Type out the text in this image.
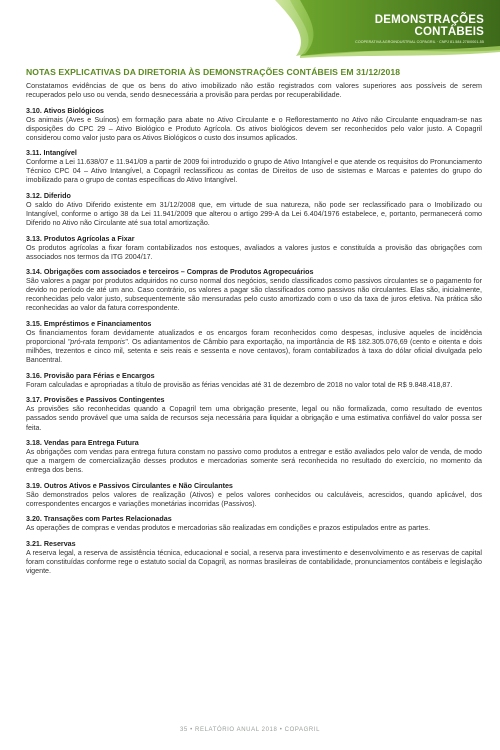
DEMONSTRAÇÕES
CONTÁBEIS
COOPERATIVA AGROINDUSTRIAL COPAGRIL · CNPJ 81.584.278/0001-55
NOTAS EXPLICATIVAS DA DIRETORIA ÀS DEMONSTRAÇÕES CONTÁBEIS EM 31/12/2018

Constatamos evidências de que os bens do ativo imobilizado não estão registrados com valores superiores aos possíveis de serem recuperados pelo uso ou venda, sendo desnecessária a provisão para perdas por recuperabilidade.

3.10. Ativos Biológicos

Os animais (Aves e Suínos) em formação para abate no Ativo Circulante e o Reflorestamento no Ativo não Circulante enquadram-se nas disposições do CPC 29 – Ativo Biológico e Produto Agrícola. Os ativos biológicos devem ser reconhecidos pelo valor justo. A Copagril considerou como valor justo para os Ativos Biológicos o custo dos insumos aplicados.

3.11. Intangível

Conforme a Lei 11.638/07 e 11.941/09 a partir de 2009 foi introduzido o grupo de Ativo Intangível e que atende os requisitos do Pronunciamento Técnico CPC 04 – Ativo Intangível, a Copagril reclassificou as contas de Direitos de uso de sistemas e Marcas e patentes do grupo do imobilizado para o grupo de contas específicas do Ativo Intangível.

3.12. Diferido

O saldo do Ativo Diferido existente em 31/12/2008 que, em virtude de sua natureza, não pode ser reclassificado para o Imobilizado ou Intangível, conforme o artigo 38 da Lei 11.941/2009 que alterou o artigo 299-A da Lei 6.404/1976 estabelece, e, portanto, permanecerá como Diferido no Ativo não Circulante até sua total amortização.

3.13. Produtos Agrícolas a Fixar

Os produtos agrícolas a fixar foram contabilizados nos estoques, avaliados a valores justos e constituída a provisão das obrigações com associados nos termos da ITG 2004/17.

3.14. Obrigações com associados e terceiros – Compras de Produtos Agropecuários

São valores a pagar por produtos adquiridos no curso normal dos negócios, sendo classificados como passivos circulantes se o pagamento for devido no período de até um ano. Caso contrário, os valores a pagar são classificados como passivos não circulantes. Elas são, inicialmente, reconhecidas pelo valor justo, subsequentemente são mensuradas pelo custo amortizado com o uso da taxa de juros efetiva. Na prática são reconhecidas ao valor da fatura correspondente.

3.15. Empréstimos e Financiamentos

Os financiamentos foram devidamente atualizados e os encargos foram reconhecidos como despesas, inclusive aqueles de incidência proporcional "pró-rata temporis". Os adiantamentos de Câmbio para exportação, na importância de R$ 182.305.076,69 (cento e oitenta e dois milhões, trezentos e cinco mil, setenta e seis reais e sessenta e nove centavos), foram contabilizados à taxa do dólar oficial divulgada pelo Bancentral.

3.16. Provisão para Férias e Encargos

Foram calculadas e apropriadas a título de provisão as férias vencidas até 31 de dezembro de 2018 no valor total de R$ 9.848.418,87.

3.17. Provisões e Passivos Contingentes

As provisões são reconhecidas quando a Copagril tem uma obrigação presente, legal ou não formalizada, como resultado de eventos passados sendo provável que uma saída de recursos seja necessária para liquidar a obrigação e uma estimativa confiável do valor possa ser feita.

3.18. Vendas para Entrega Futura

As obrigações com vendas para entrega futura constam no passivo como produtos a entregar e estão avaliados pelo valor de venda, de modo que a margem de comercialização desses produtos e mercadorias somente será reconhecida no resultado do exercício, no momento da entrega dos bens.

3.19. Outros Ativos e Passivos Circulantes e Não Circulantes

São demonstrados pelos valores de realização (Ativos) e pelos valores conhecidos ou calculáveis, acrescidos, quando aplicável, dos correspondentes encargos e variações monetárias incorridas (Passivos).

3.20. Transações com Partes Relacionadas

As operações de compras e vendas produtos e mercadorias são realizadas em condições e prazos estipulados entre as partes.

3.21. Reservas

A reserva legal, a reserva de assistência técnica, educacional e social, a reserva para investimento e desenvolvimento e as reservas de capital foram constituídas conforme rege o estatuto social da Copagril, as normas brasileiras de contabilidade, pronunciamentos contábeis e legislação vigente.

35 • RELATÓRIO ANUAL 2018 • COPAGRIL
